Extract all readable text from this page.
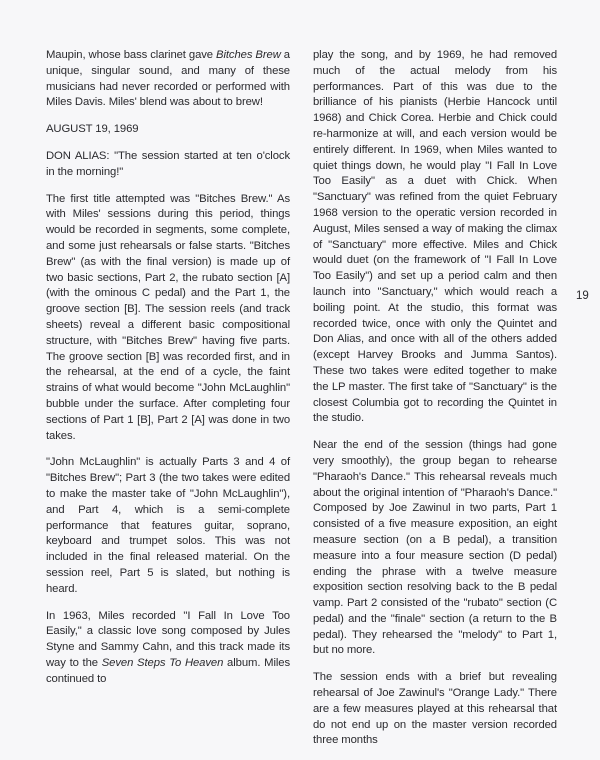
Maupin, whose bass clarinet gave Bitches Brew a unique, singular sound, and many of these musicians had never recorded or performed with Miles Davis. Miles' blend was about to brew!

AUGUST 19, 1969

DON ALIAS: "The session started at ten o'clock in the morning!"

The first title attempted was "Bitches Brew." As with Miles' sessions during this period, things would be recorded in segments, some complete, and some just rehearsals or false starts. "Bitches Brew" (as with the final version) is made up of two basic sections, Part 2, the rubato section [A] (with the ominous C pedal) and the Part 1, the groove section [B]. The session reels (and track sheets) reveal a different basic compositional structure, with "Bitches Brew" having five parts. The groove section [B] was recorded first, and in the rehearsal, at the end of a cycle, the faint strains of what would become "John McLaughlin" bubble under the surface. After completing four sections of Part 1 [B], Part 2 [A] was done in two takes.

"John McLaughlin" is actually Parts 3 and 4 of "Bitches Brew"; Part 3 (the two takes were edited to make the master take of "John McLaughlin"), and Part 4, which is a semi-complete performance that features guitar, soprano, keyboard and trumpet solos. This was not included in the final released material. On the session reel, Part 5 is slated, but nothing is heard.

In 1963, Miles recorded "I Fall In Love Too Easily," a classic love song composed by Jules Styne and Sammy Cahn, and this track made its way to the Seven Steps To Heaven album. Miles continued to

play the song, and by 1969, he had removed much of the actual melody from his performances. Part of this was due to the brilliance of his pianists (Herbie Hancock until 1968) and Chick Corea. Herbie and Chick could re-harmonize at will, and each version would be entirely different. In 1969, when Miles wanted to quiet things down, he would play "I Fall In Love Too Easily" as a duet with Chick. When "Sanctuary" was refined from the quiet February 1968 version to the operatic version recorded in August, Miles sensed a way of making the climax of "Sanctuary" more effective. Miles and Chick would duet (on the framework of "I Fall In Love Too Easily") and set up a period calm and then launch into "Sanctuary," which would reach a boiling point. At the studio, this format was recorded twice, once with only the Quintet and Don Alias, and once with all of the others added (except Harvey Brooks and Jumma Santos). These two takes were edited together to make the LP master. The first take of "Sanctuary" is the closest Columbia got to recording the Quintet in the studio.

Near the end of the session (things had gone very smoothly), the group began to rehearse "Pharaoh's Dance." This rehearsal reveals much about the original intention of "Pharaoh's Dance." Composed by Joe Zawinul in two parts, Part 1 consisted of a five measure exposition, an eight measure section (on a B pedal), a transition measure into a four measure section (D pedal) ending the phrase with a twelve measure exposition section resolving back to the B pedal vamp. Part 2 consisted of the "rubato" section (C pedal) and the "finale" section (a return to the B pedal). They rehearsed the "melody" to Part 1, but no more.

The session ends with a brief but revealing rehearsal of Joe Zawinul's "Orange Lady." There are a few measures played at this rehearsal that do not end up on the master version recorded three months

19
